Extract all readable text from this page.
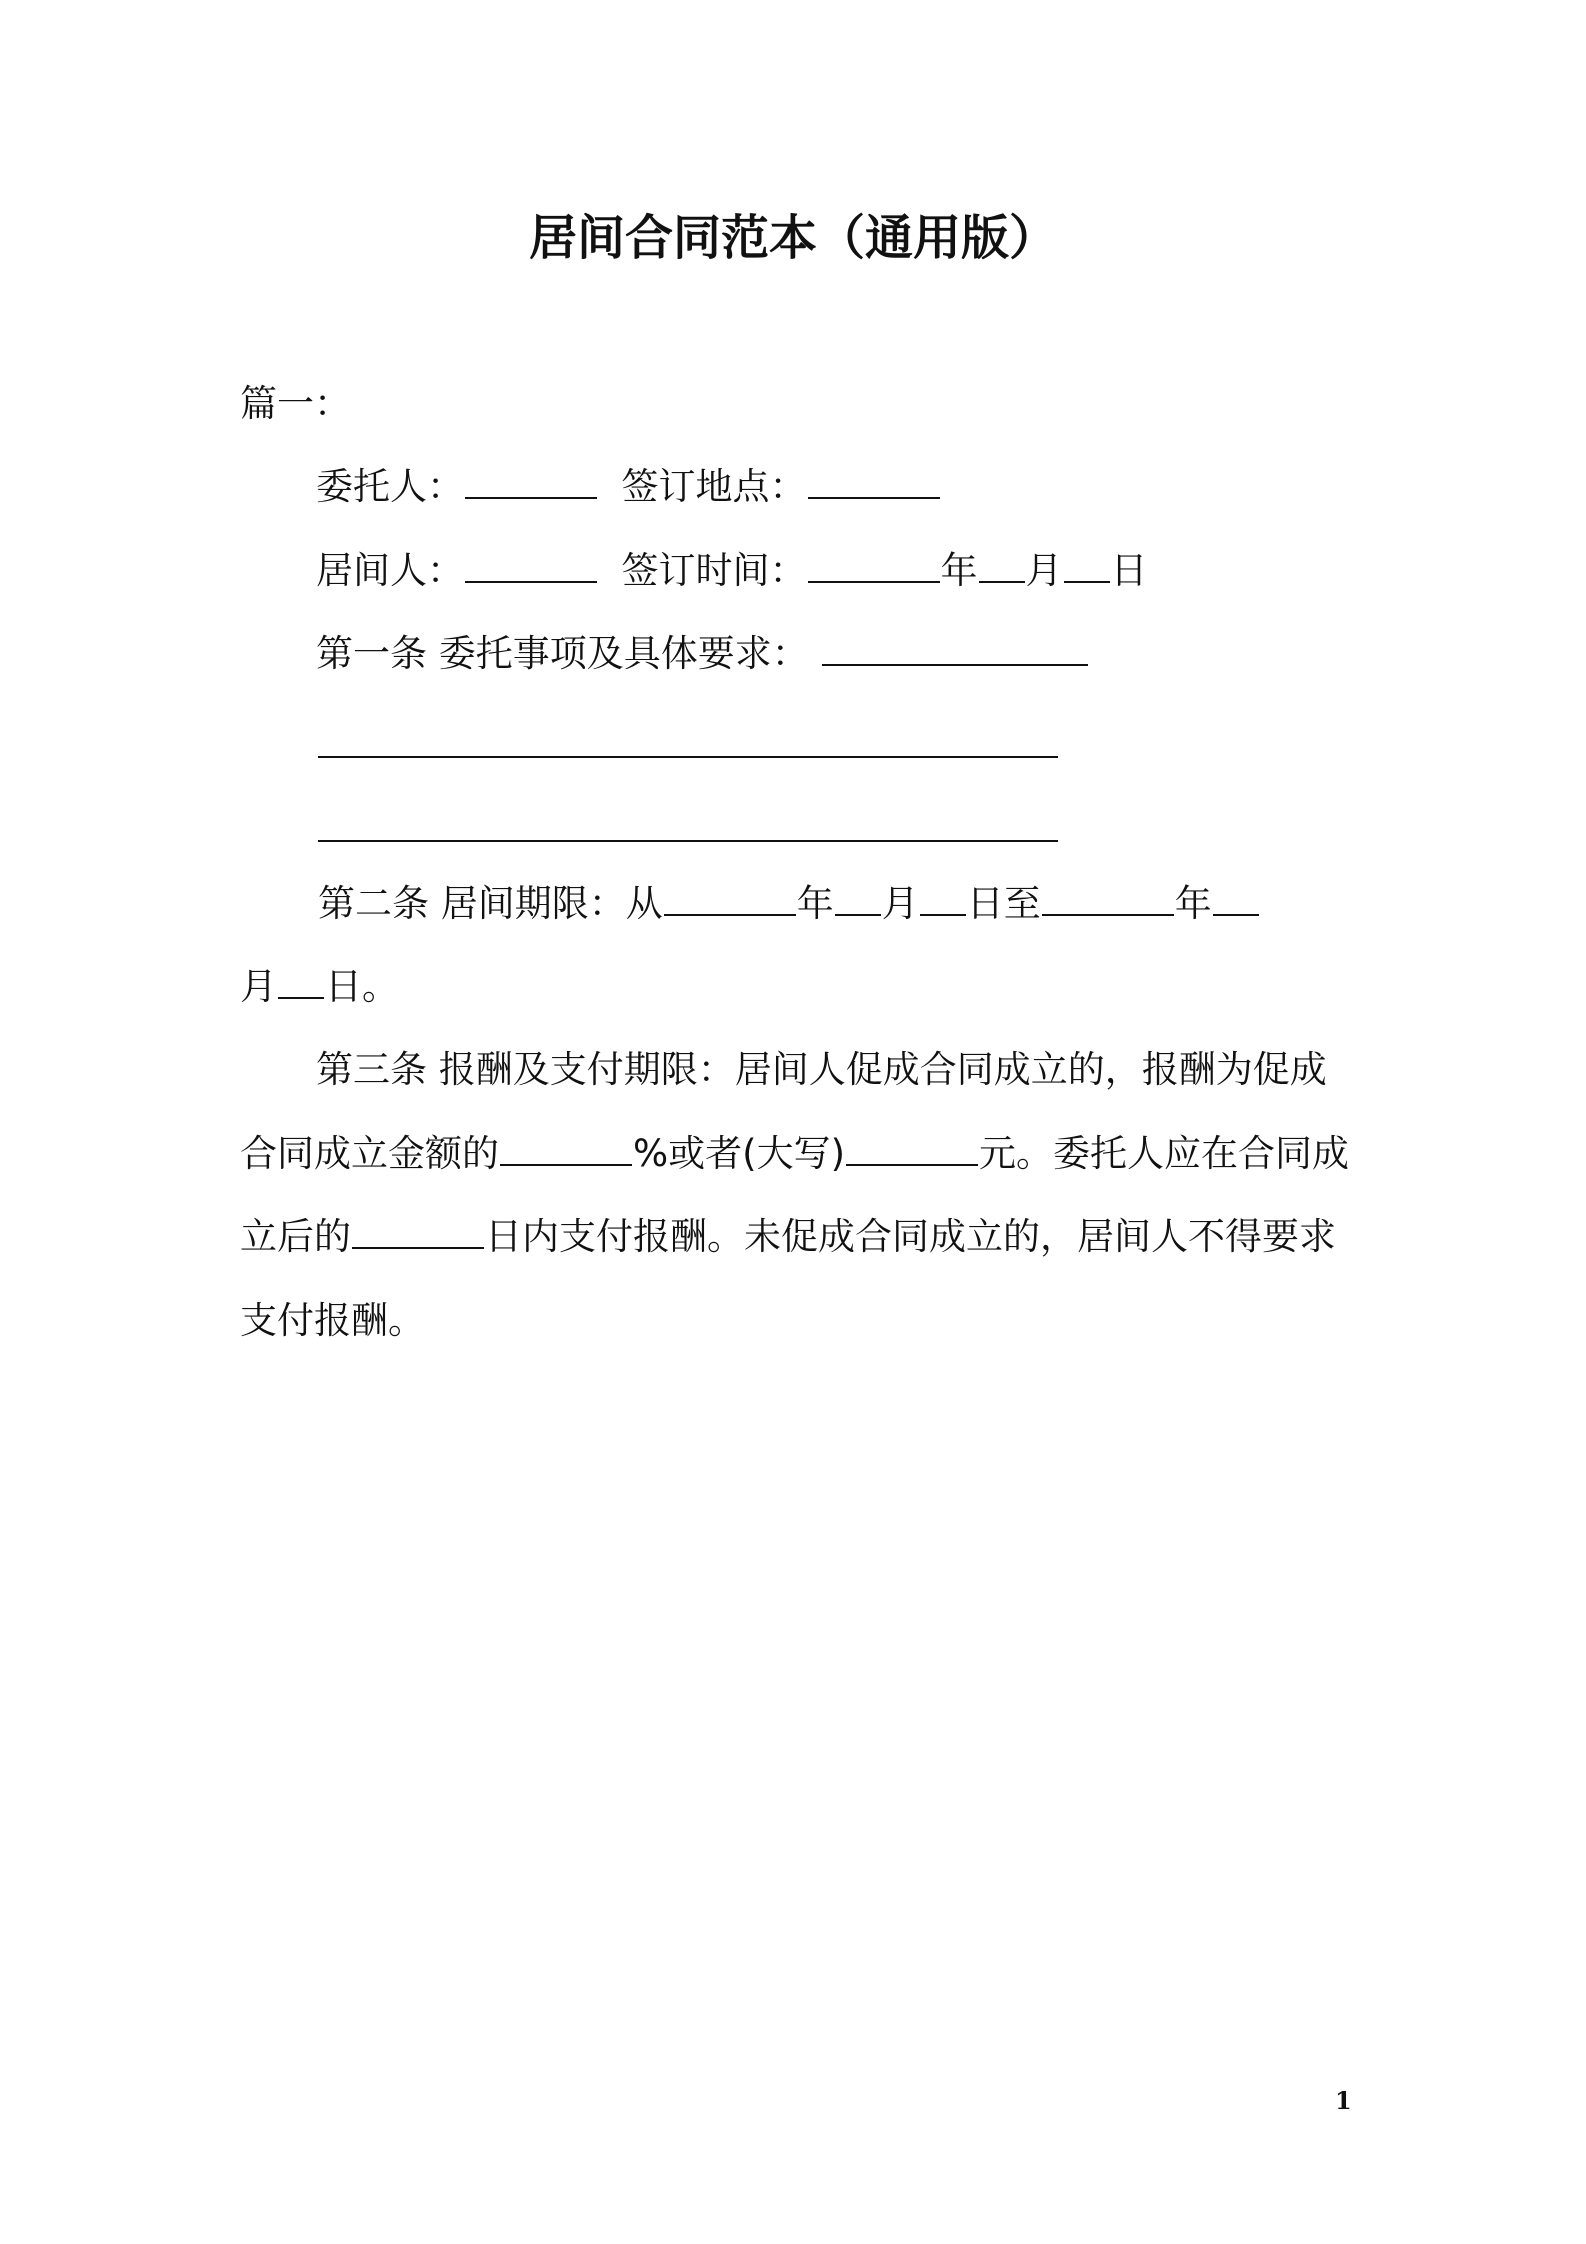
居间合同范本（通用版）
篇一：
委托人：	签订地点：
居间人：	签订时间：	年 月 日
第一条 委托事项及具体要求：
第二条 居间期限：从	年 月 日至	年
月 日。
第三条 报酬及支付期限：居间人促成合同成立的，报酬为促成
合同成立金额的	%或者(大写)	元。委托人应在合同成
立后的	日内支付报酬。未促成合同成立的，居间人不得要求
支付报酬。
1
